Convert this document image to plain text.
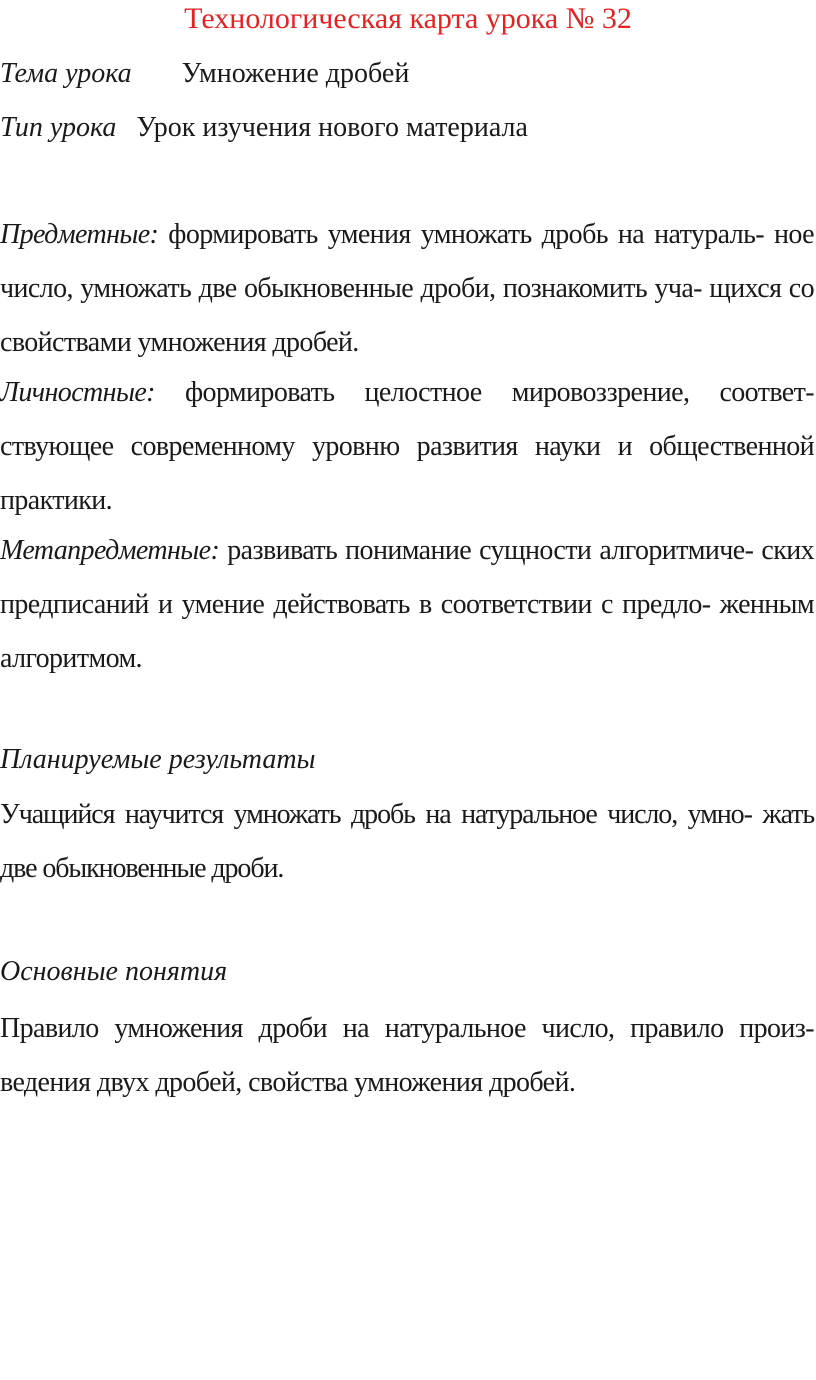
Технологическая карта урока № 32
Тема урока Умножение дробей
Тип урока Урок изучения нового материала
Предметные: формировать умения умножать дробь на натураль- ное число, умножать две обыкновенные дроби, познакомить уча- щихся со свойствами умножения дробей.
Личностные: формировать целостное мировоззрение, соответ- ствующее современному уровню развития науки и общественной практики.
Метапредметные: развивать понимание сущности алгоритмиче- ских предписаний и умение действовать в соответствии с предло- женным алгоритмом.
Планируемые результаты
Учащийся научится умножать дробь на натуральное число, умно- жать две обыкновенные дроби.
Основные понятия
Правило умножения дроби на натуральное число, правило произ- ведения двух дробей, свойства умножения дробей.
